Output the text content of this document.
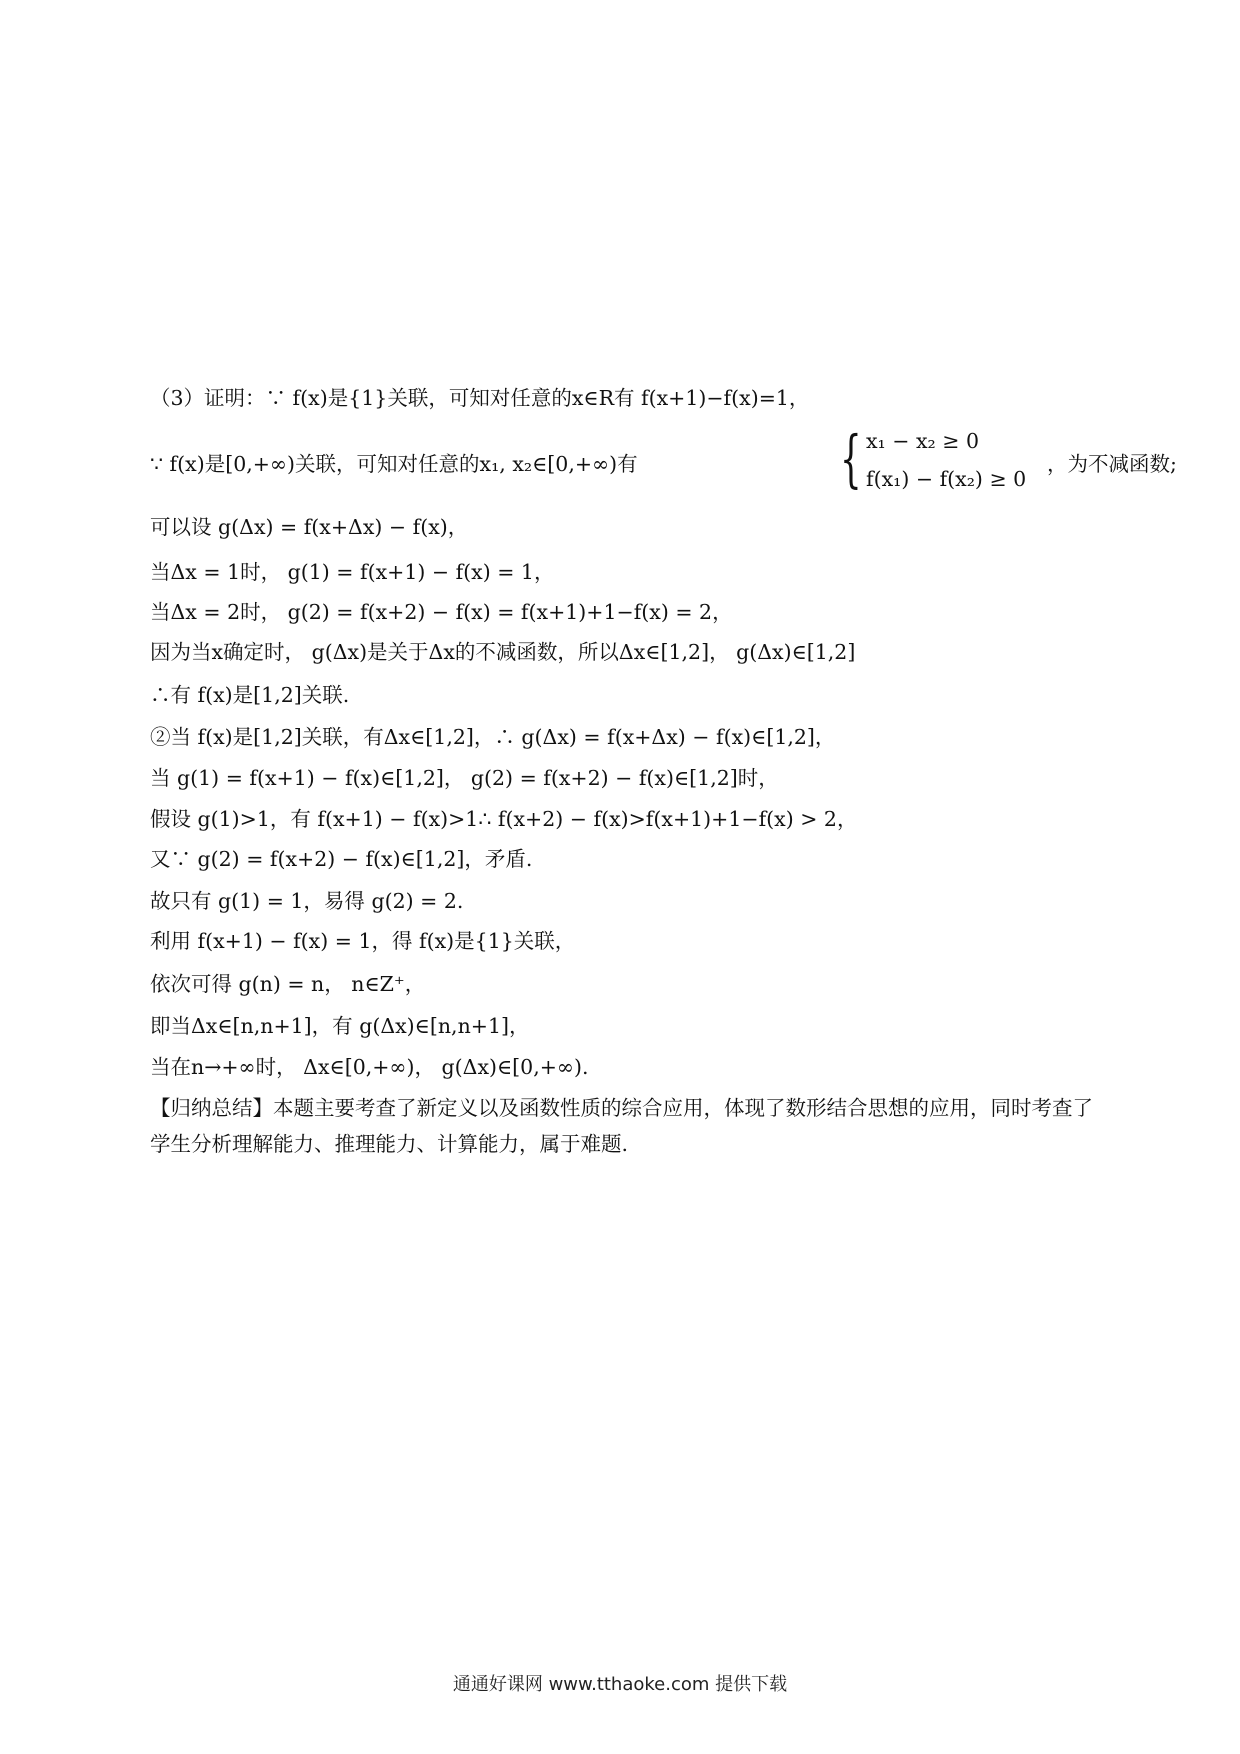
（3）证明：∵ f(x)是{1}关联，可知对任意的x∈R有 f(x+1)−f(x)=1，
∵ f(x)是[0,+∞)关联，可知对任意的x₁, x₂∈[0,+∞)有	{ x₁ − x₂ ≥ 0
f(x₁) − f(x₂) ≥ 0
，为不减函数;
可以设 g(Δx) = f(x+Δx) − f(x)，
当Δx = 1时， g(1) = f(x+1) − f(x) = 1，
当Δx = 2时， g(2) = f(x+2) − f(x) = f(x+1)+1−f(x) = 2，
因为当x确定时， g(Δx)是关于Δx的不减函数，所以Δx∈[1,2]， g(Δx)∈[1,2]
∴有 f(x)是[1,2]关联.
②当 f(x)是[1,2]关联，有Δx∈[1,2]，∴ g(Δx) = f(x+Δx) − f(x)∈[1,2]，
当 g(1) = f(x+1) − f(x)∈[1,2]， g(2) = f(x+2) − f(x)∈[1,2]时，
假设 g(1)>1，有 f(x+1) − f(x)>1∴ f(x+2) − f(x)>f(x+1)+1−f(x) > 2，
又∵ g(2) = f(x+2) − f(x)∈[1,2]，矛盾.
故只有 g(1) = 1，易得 g(2) = 2.
利用 f(x+1) − f(x) = 1，得 f(x)是{1}关联，
依次可得 g(n) = n， n∈Z⁺，
即当Δx∈[n,n+1]，有 g(Δx)∈[n,n+1]，
当在n→+∞时， Δx∈[0,+∞)， g(Δx)∈[0,+∞).
【归纳总结】本题主要考查了新定义以及函数性质的综合应用，体现了数形结合思想的应用，同时考查了学生分析理解能力、推理能力、计算能力，属于难题.
通通好课网 www.tthaoke.com 提供下载
